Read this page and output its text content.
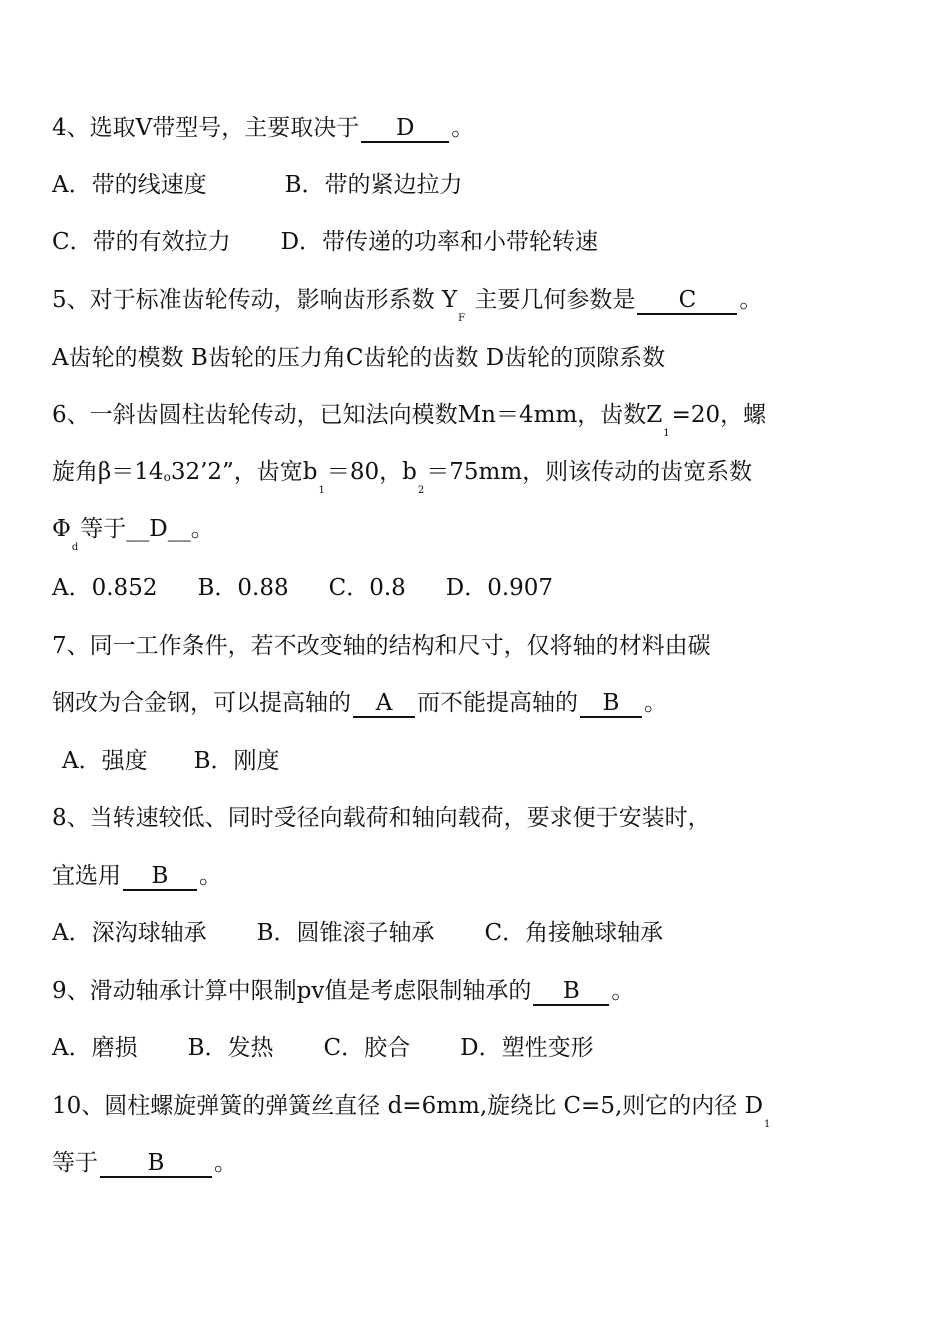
4、选取V带型号，主要取决于 D 。
A．带的线速度	B．带的紧边拉力
C．带的有效拉力 D．带传递的功率和小带轮转速
5、对于标准齿轮传动，影响齿形系数 $Y_F$ 主要几何参数是 C 。
A齿轮的模数 B齿轮的压力角C齿轮的齿数 D齿轮的顶隙系数
6、一斜齿圆柱齿轮传动，已知法向模数Mn＝4mm，齿数$Z_1=20$，螺
旋角β＝14o32’2”，齿宽$b_1=80$，$b_2=75mm$，则该传动的齿宽系数
$\Phi_d$等于__D__。
A．0.852 B．0.88 C．0.8 D．0.907
7、同一工作条件，若不改变轴的结构和尺寸，仅将轴的材料由碳
钢改为合金钢，可以提高轴的 A 而不能提高轴的 B 。
A．强度 B．刚度
8、当转速较低、同时受径向载荷和轴向载荷，要求便于安装时，
宜选用 B 。
A．深沟球轴承 B．圆锥滚子轴承 C．角接触球轴承
9、滑动轴承计算中限制pv值是考虑限制轴承的 B 。
A．磨损 B．发热 C．胶合 D．塑性变形
10、圆柱螺旋弹簧的弹簧丝直径 d=6mm,旋绕比 C=5,则它的内径 $D_1$
等于 B 。
